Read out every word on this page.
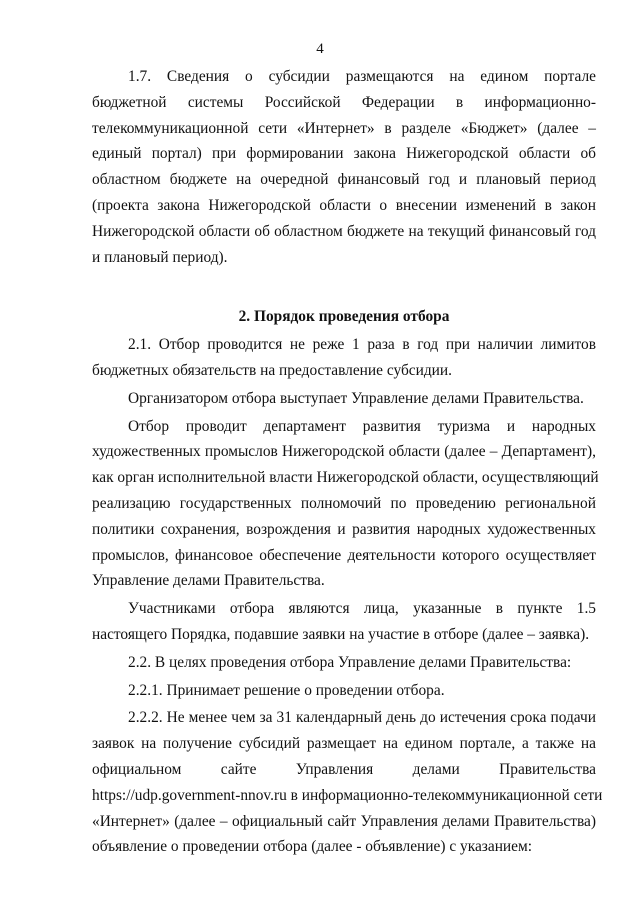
4
1.7. Сведения о субсидии размещаются на едином портале
бюджетной системы Российской Федерации в информационно-
телекоммуникационной сети «Интернет» в разделе «Бюджет» (далее –
единый портал) при формировании закона Нижегородской области об
областном бюджете на очередной финансовый год и плановый период
(проекта закона Нижегородской области о внесении изменений в закон
Нижегородской области об областном бюджете на текущий финансовый год
и плановый период).
2. Порядок проведения отбора
2.1. Отбор проводится не реже 1 раза в год при наличии лимитов
бюджетных обязательств на предоставление субсидии.
Организатором отбора выступает Управление делами Правительства.
Отбор проводит департамент развития туризма и народных
художественных промыслов Нижегородской области (далее – Департамент),
как орган исполнительной власти Нижегородской области, осуществляющий
реализацию государственных полномочий по проведению региональной
политики сохранения, возрождения и развития народных художественных
промыслов, финансовое обеспечение деятельности которого осуществляет
Управление делами Правительства.
Участниками отбора являются лица, указанные в пункте 1.5
настоящего Порядка, подавшие заявки на участие в отборе (далее – заявка).
2.2. В целях проведения отбора Управление делами Правительства:
2.2.1. Принимает решение о проведении отбора.
2.2.2. Не менее чем за 31 календарный день до истечения срока подачи
заявок на получение субсидий размещает на едином портале, а также на
официальном сайте Управления делами Правительства
https://udp.government-nnov.ru в информационно-телекоммуникационной сети
«Интернет» (далее – официальный сайт Управления делами Правительства)
объявление о проведении отбора (далее - объявление) с указанием:
